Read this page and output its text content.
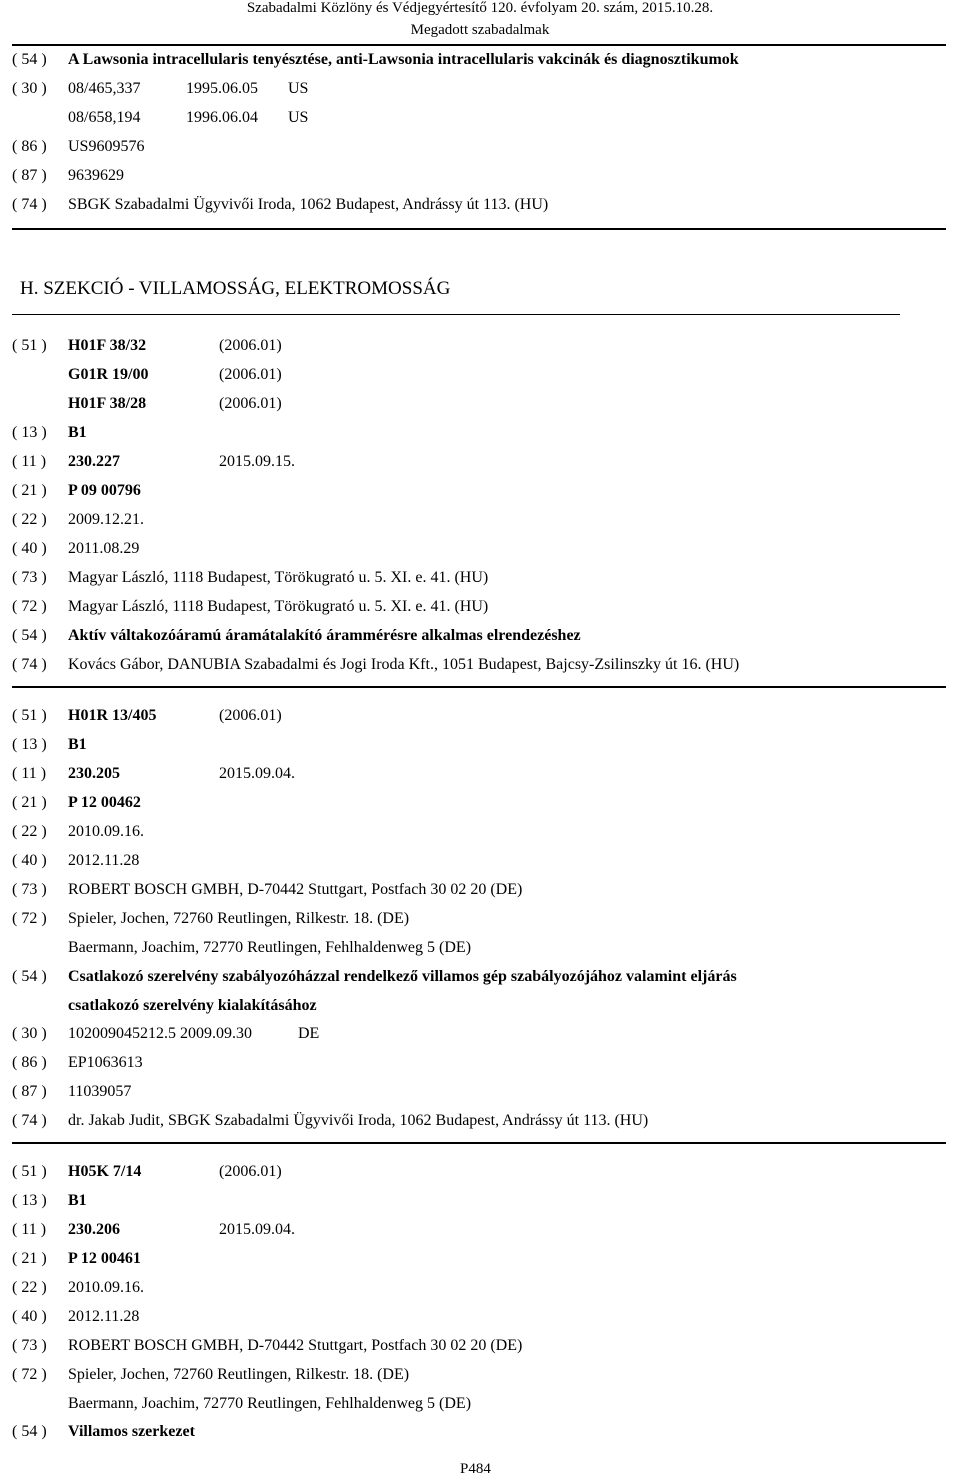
Szabadalmi Közlöny és Védjegyértesítő 120. évfolyam 20. szám, 2015.10.28.
Megadott szabadalmak
( 54 )	A Lawsonia intracellularis tenyésztése, anti-Lawsonia intracellularis vakcinák és diagnosztikumok
( 30 )	08/465,337	1995.06.05 US
08/658,194	1996.06.04 US
( 86 )	US9609576
( 87 )	9639629
( 74 )	SBGK Szabadalmi Ügyvivői Iroda, 1062 Budapest, Andrássy út 113. (HU)
H. SZEKCIÓ - VILLAMOSSÁG, ELEKTROMOSSÁG
( 51 )	H01F 38/32	(2006.01)
G01R 19/00	(2006.01)
H01F 38/28	(2006.01)
( 13 )	B1
( 11 )	230.227	2015.09.15.
( 21 )	P 09 00796
( 22 )	2009.12.21.
( 40 )	2011.08.29
( 73 )	Magyar László, 1118 Budapest, Törökugrató u. 5. XI. e. 41. (HU)
( 72 )	Magyar László, 1118 Budapest, Törökugrató u. 5. XI. e. 41. (HU)
( 54 )	Aktív váltakozóáramú áramátalakító árammérésre alkalmas elrendezéshez
( 74 )	Kovács Gábor, DANUBIA Szabadalmi és Jogi Iroda Kft., 1051 Budapest, Bajcsy-Zsilinszky út 16. (HU)
( 51 )	H01R 13/405	(2006.01)
( 13 )	B1
( 11 )	230.205	2015.09.04.
( 21 )	P 12 00462
( 22 )	2010.09.16.
( 40 )	2012.11.28
( 73 )	ROBERT BOSCH GMBH, D-70442 Stuttgart, Postfach 30 02 20 (DE)
( 72 )	Spieler, Jochen, 72760 Reutlingen, Rilkestr. 18. (DE)
Baermann, Joachim, 72770 Reutlingen, Fehlhaldenweg 5 (DE)
( 54 )	Csatlakozó szerelvény szabályozóházzal rendelkező villamos gép szabályozójához valamint eljárás
csatlakozó szerelvény kialakításához
( 30 )	102009045212.5 2009.09.30	DE
( 86 )	EP1063613
( 87 )	11039057
( 74 )	dr. Jakab Judit, SBGK Szabadalmi Ügyvivői Iroda, 1062 Budapest, Andrássy út 113. (HU)
( 51 )	H05K 7/14	(2006.01)
( 13 )	B1
( 11 )	230.206	2015.09.04.
( 21 )	P 12 00461
( 22 )	2010.09.16.
( 40 )	2012.11.28
( 73 )	ROBERT BOSCH GMBH, D-70442 Stuttgart, Postfach 30 02 20 (DE)
( 72 )	Spieler, Jochen, 72760 Reutlingen, Rilkestr. 18. (DE)
Baermann, Joachim, 72770 Reutlingen, Fehlhaldenweg 5 (DE)
( 54 )	Villamos szerkezet
P484
